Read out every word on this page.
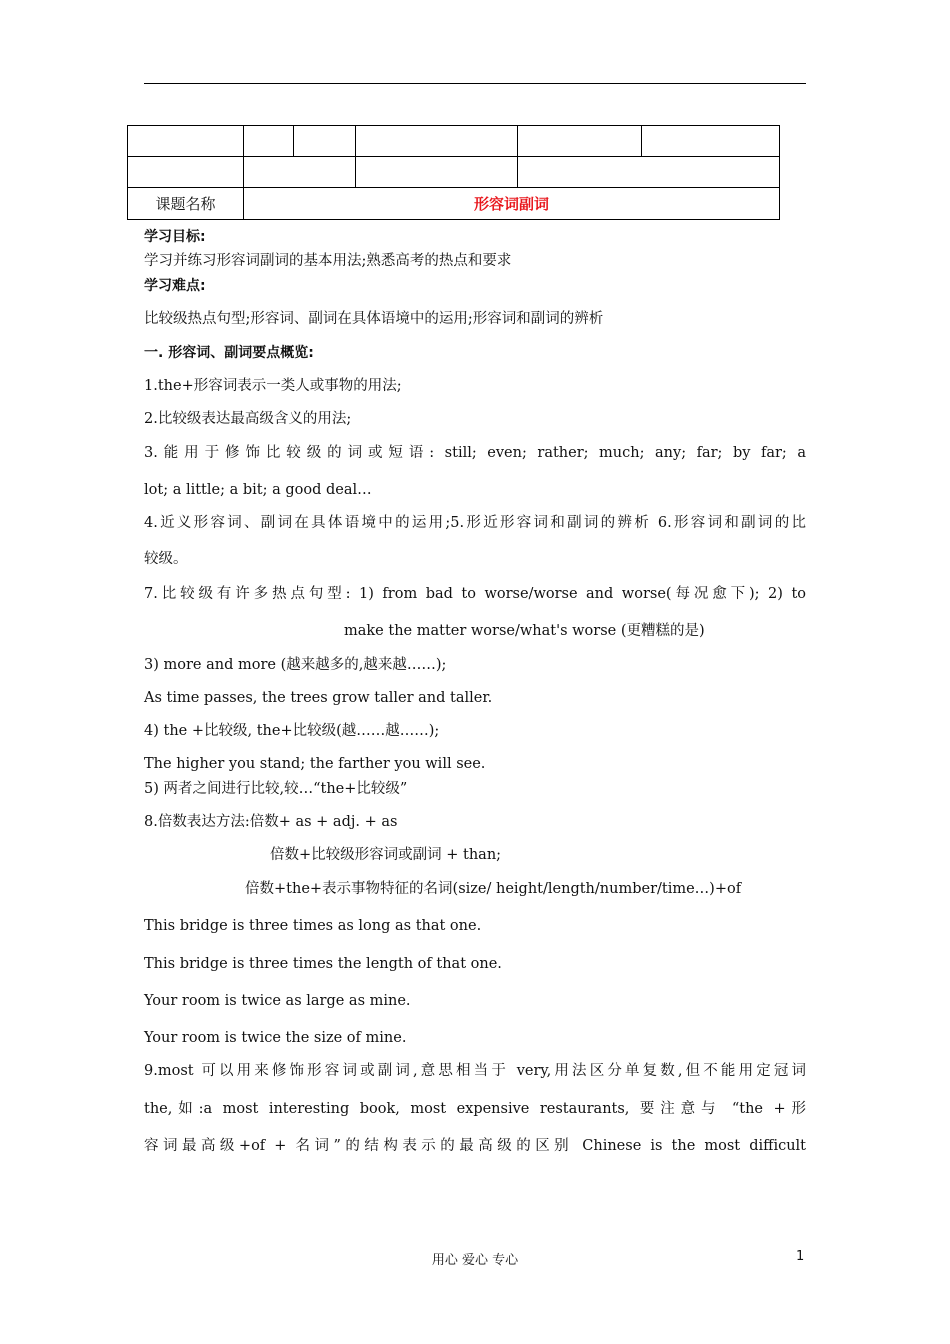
课题名称	形容词副词				
学习目标:
学习并练习形容词副词的基本用法;熟悉高考的热点和要求
学习难点:
比较级热点句型;形容词、副词在具体语境中的运用;形容词和副词的辨析
一. 形容词、副词要点概览:
1.the+形容词表示一类人或事物的用法;
2.比较级表达最高级含义的用法;
3.能用于修饰比较级的词或短语: still; even; rather; much; any; far; by far; a
lot; a little; a bit; a good deal…
4.近义形容词、副词在具体语境中的运用;5.形近形容词和副词的辨析 6.形容词和副词的比
较级。
7.比较级有许多热点句型: 1) from bad to worse/worse and worse(每况愈下); 2) to
make the matter worse/what's worse (更糟糕的是)
3) more and more (越来越多的,越来越……);
As time passes, the trees grow taller and taller.
4) the +比较级, the+比较级(越……越……);
The higher you stand; the farther you will see.
5) 两者之间进行比较,较…“the+比较级”
8.倍数表达方法:倍数+ as + adj. + as
倍数+比较级形容词或副词 + than;
倍数+the+表示事物特征的名词(size/ height/length/number/time…)+of
This bridge is three times as long as that one.
This bridge is three times the length of that one.
Your room is twice as large as mine.
Your room is twice the size of mine.
9.most 可以用来修饰形容词或副词,意思相当于 very,用法区分单复数,但不能用定冠词
the,如:a most interesting book, most expensive restaurants, 要注意与 “the +形
容词最高级+of + 名词”的结构表示的最高级的区别 Chinese is the most difficult
用心 爱心 专心	1
